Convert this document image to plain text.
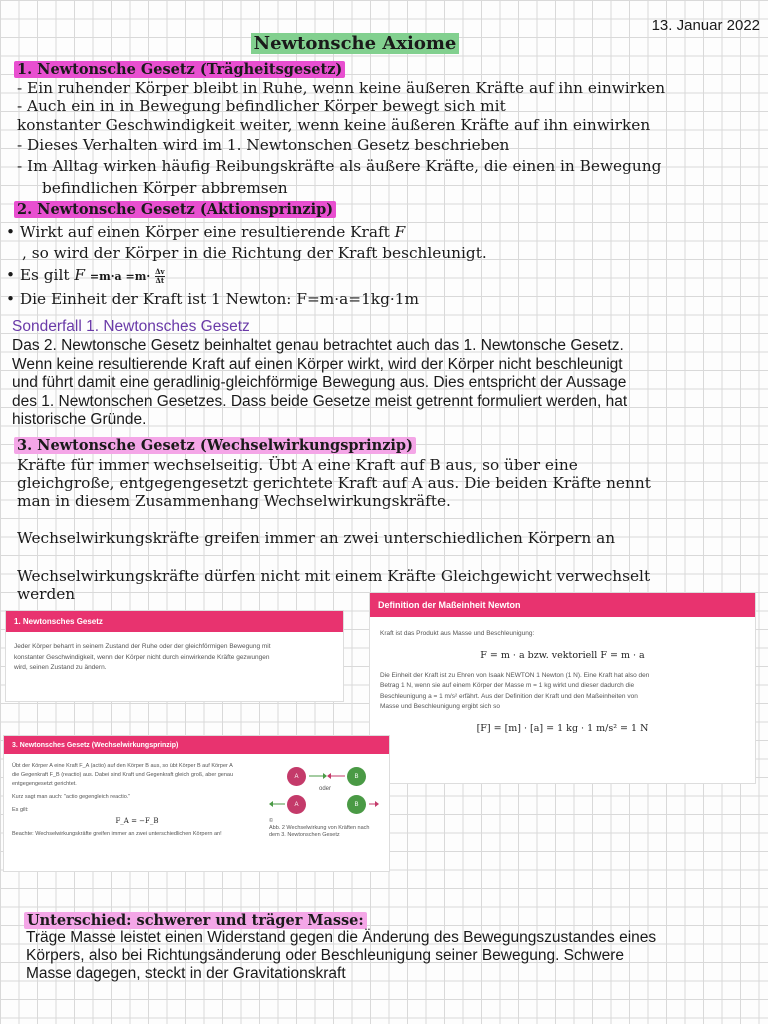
13. Januar 2022
Newtonsche Axiome
1. Newtonsche Gesetz (Trägheitsgesetz)
- Ein ruhender Körper bleibt in Ruhe, wenn keine äußeren Kräfte auf ihn einwirken
- Auch ein in in Bewegung befindlicher Körper bewegt sich mit
konstanter Geschwindigkeit weiter, wenn keine äußeren Kräfte auf ihn einwirken
- Dieses Verhalten wird im 1. Newtonschen Gesetz beschrieben
- Im Alltag wirken häufig Reibungskräfte als äußere Kräfte, die einen in Bewegung
befindlichen Körper abbremsen
2. Newtonsche Gesetz (Aktionsprinzip)
• Wirkt auf einen Körper eine resultierende Kraft F
, so wird der Körper in die Richtung der Kraft beschleunigt.
• Es gilt $F =m\cdot a =m\cdot \frac{\Delta v}{\Delta t}$
• Die Einheit der Kraft ist 1 Newton: F=m·a=1kg·1m
Sonderfall 1. Newtonsches Gesetz
Das 2. Newtonsche Gesetz beinhaltet genau betrachtet auch das 1. Newtonsche Gesetz.
Wenn keine resultierende Kraft auf einen Körper wirkt, wird der Körper nicht beschleunigt
und führt damit eine geradlinig-gleichförmige Bewegung aus. Dies entspricht der Aussage
des 1. Newtonschen Gesetzes. Dass beide Gesetze meist getrennt formuliert werden, hat
historische Gründe.
3. Newtonsche Gesetz (Wechselwirkungsprinzip)
Kräfte für immer wechselseitig. Übt A eine Kraft auf B aus, so über eine
gleichgroße, entgegengesetzt gerichtete Kraft auf A aus. Die beiden Kräfte nennt
man in diesem Zusammenhang Wechselwirkungskräfte.
Wechselwirkungskräfte greifen immer an zwei unterschiedlichen Körpern an
Wechselwirkungskräfte dürfen nicht mit einem Kräfte Gleichgewicht verwechselt
werden
1. Newtonsches Gesetz
Jeder Körper beharrt in seinem Zustand der Ruhe oder der gleichförmigen Bewegung mit
konstanter Geschwindigkeit, wenn der Körper nicht durch einwirkende Kräfte gezwungen
wird, seinen Zustand zu ändern.
Definition der Maßeinheit Newton
Kraft ist das Produkt aus Masse und Beschleunigung:
F = m · a bzw. vektoriell F = m · a
Die Einheit der Kraft ist zu Ehren von Isaak NEWTON 1 Newton (1 N). Eine Kraft hat also den
Betrag 1 N, wenn sie auf einem Körper der Masse m = 1 kg wirkt und dieser dadurch die
Beschleunigung a = 1 m/s² erfährt. Aus der Definition der Kraft und den Maßeinheiten von
Masse und Beschleunigung ergibt sich so
[F] = [m] · [a] = 1 kg · 1 m/s² = 1 N
3. Newtonsches Gesetz (Wechselwirkungsprinzip)
Übt der Körper A eine Kraft F_A (actio) auf den Körper B aus, so übt Körper B auf Körper A
die Gegenkraft F_B (reactio) aus. Dabei sind Kraft und Gegenkraft gleich groß, aber genau
entgegengesetzt gerichtet.
Kurz sagt man auch: "actio gegengleich reactio."
Es gilt:
F_A = −F_B
Beachte: Wechselwirkungskräfte greifen immer an zwei unterschiedlichen Körpern an!
A	B
oder
A	B
©
Abb. 2 Wechselwirkung von Kräften nach
dem 3. Newtonschen Gesetz
Unterschied: schwerer und träger Masse:
Träge Masse leistet einen Widerstand gegen die Änderung des Bewegungszustandes eines
Körpers, also bei Richtungsänderung oder Beschleunigung seiner Bewegung. Schwere
Masse dagegen, steckt in der Gravitationskraft
